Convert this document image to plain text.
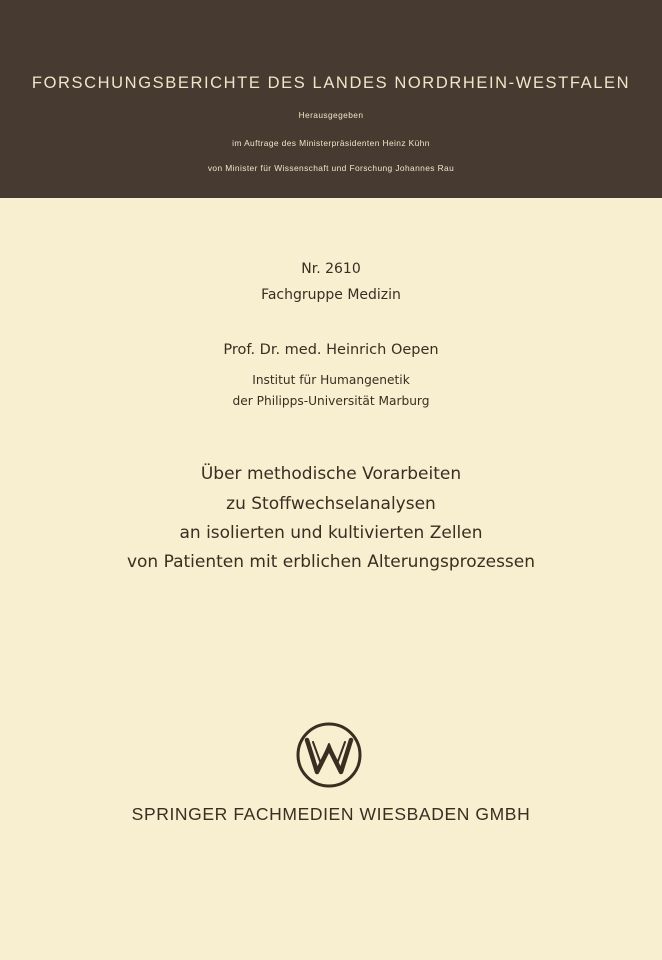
FORSCHUNGSBERICHTE DES LANDES NORDRHEIN-WESTFALEN
Herausgegeben
im Auftrage des Ministerpräsidenten Heinz Kühn
von Minister für Wissenschaft und Forschung Johannes Rau
Nr. 2610
Fachgruppe Medizin
Prof. Dr. med. Heinrich Oepen
Institut für Humangenetik
der Philipps-Universität Marburg
Über methodische Vorarbeiten
zu Stoffwechselanalysen
an isolierten und kultivierten Zellen
von Patienten mit erblichen Alterungsprozessen
SPRINGER FACHMEDIEN WIESBADEN GMBH
